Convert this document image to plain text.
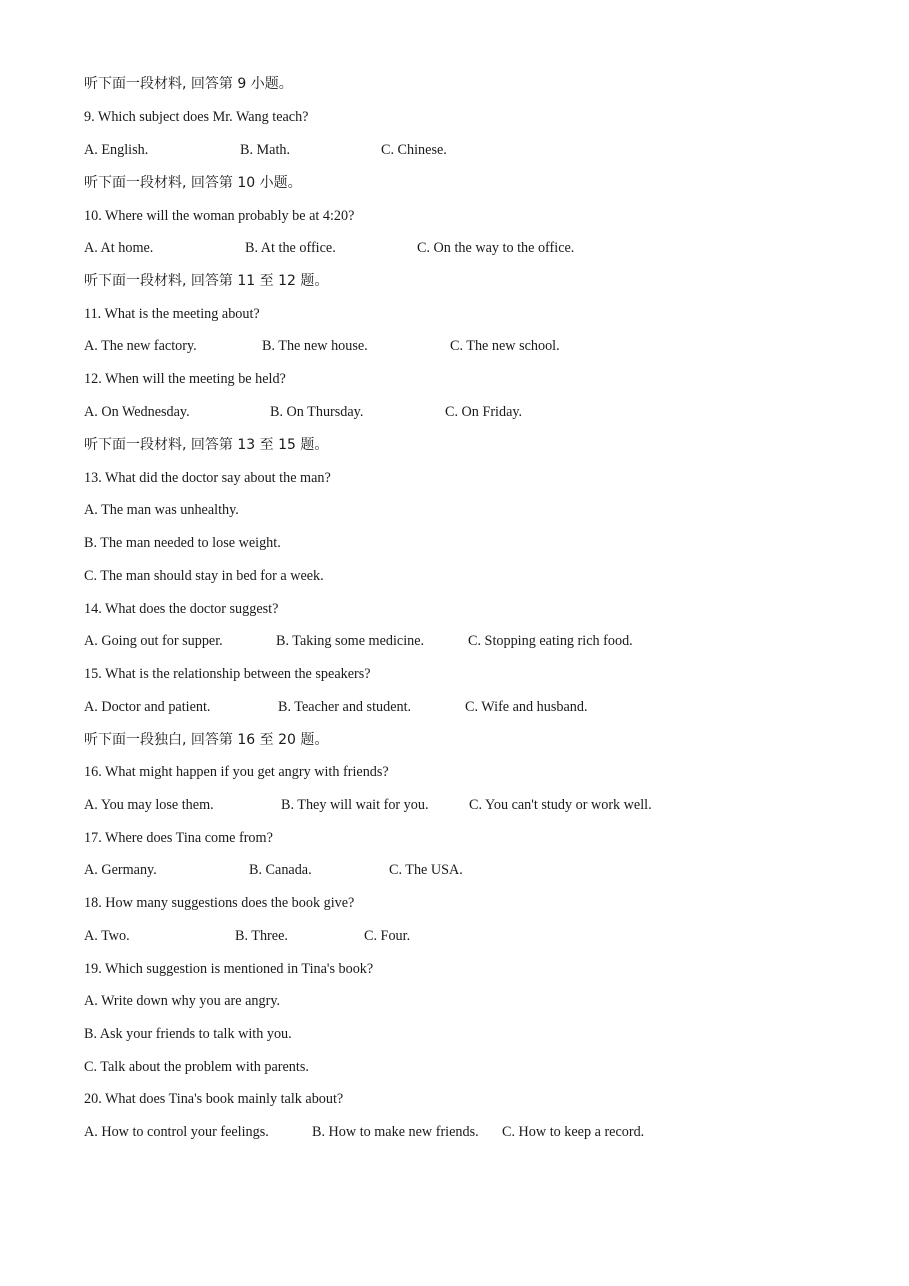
听下面一段材料, 回答第 9 小题。
9. Which subject does Mr. Wang teach?
A. English.	B. Math.	C. Chinese.
听下面一段材料, 回答第 10 小题。
10. Where will the woman probably be at 4:20?
A. At home.	B. At the office.	C. On the way to the office.
听下面一段材料, 回答第 11 至 12 题。
11. What is the meeting about?
A. The new factory.	B. The new house.	C. The new school.
12. When will the meeting be held?
A. On Wednesday.	B. On Thursday.	C. On Friday.
听下面一段材料, 回答第 13 至 15 题。
13. What did the doctor say about the man?
A. The man was unhealthy.
B. The man needed to lose weight.
C. The man should stay in bed for a week.
14. What does the doctor suggest?
A. Going out for supper.	B. Taking some medicine.	C. Stopping eating rich food.
15. What is the relationship between the speakers?
A. Doctor and patient.	B. Teacher and student.	C. Wife and husband.
听下面一段独白, 回答第 16 至 20 题。
16. What might happen if you get angry with friends?
A. You may lose them.	B. They will wait for you.	C. You can't study or work well.
17. Where does Tina come from?
A. Germany.	B. Canada.	C. The USA.
18. How many suggestions does the book give?
A. Two.	B. Three.	C. Four.
19. Which suggestion is mentioned in Tina's book?
A. Write down why you are angry.
B. Ask your friends to talk with you.
C. Talk about the problem with parents.
20. What does Tina's book mainly talk about?
A. How to control your feelings.	B. How to make new friends. C. How to keep a record.
